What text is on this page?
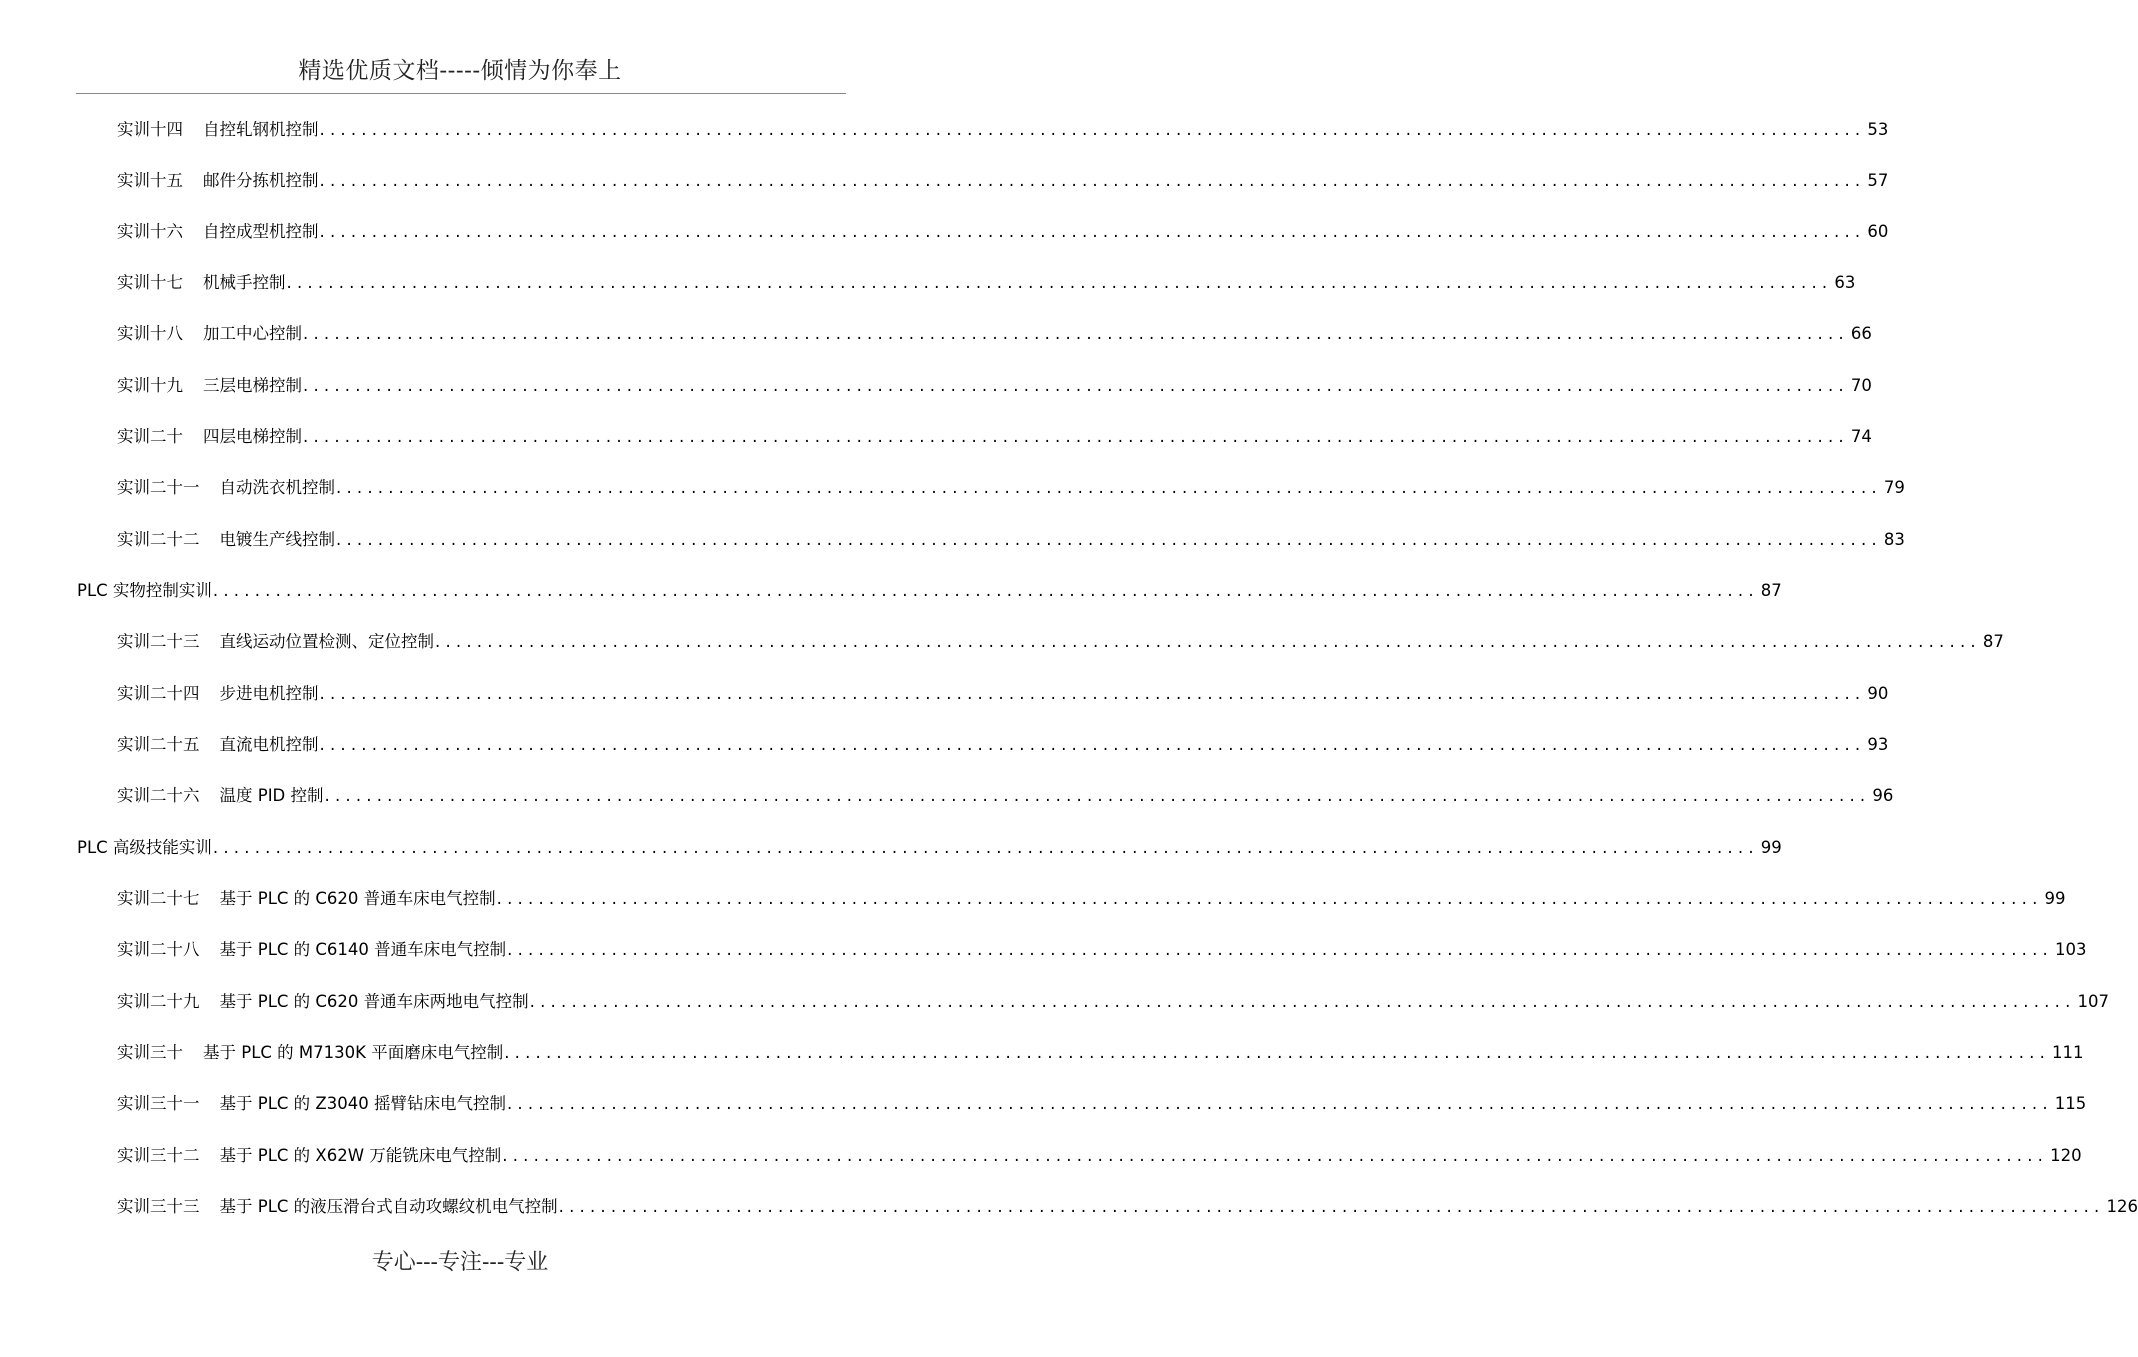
精选优质文档-----倾情为你奉上
实训十四 自控轧钢机控制 .................................................................................................................................................... 53
实训十五 邮件分拣机控制 .................................................................................................................................................... 57
实训十六 自控成型机控制 .................................................................................................................................................... 60
实训十七 机械手控制 .................................................................................................................................................... 63
实训十八 加工中心控制 .................................................................................................................................................... 66
实训十九 三层电梯控制 .................................................................................................................................................... 70
实训二十 四层电梯控制 .................................................................................................................................................... 74
实训二十一 自动洗衣机控制 .................................................................................................................................................... 79
实训二十二 电镀生产线控制 .................................................................................................................................................... 83
PLC 实物控制实训 .................................................................................................................................................... 87
实训二十三 直线运动位置检测、定位控制 .................................................................................................................................................... 87
实训二十四 步进电机控制 .................................................................................................................................................... 90
实训二十五 直流电机控制 .................................................................................................................................................... 93
实训二十六 温度 PID 控制 .................................................................................................................................................... 96
PLC 高级技能实训 .................................................................................................................................................... 99
实训二十七 基于 PLC 的 C620 普通车床电气控制 .................................................................................................................................................... 99
实训二十八 基于 PLC 的 C6140 普通车床电气控制 .................................................................................................................................................... 103
实训二十九 基于 PLC 的 C620 普通车床两地电气控制 .................................................................................................................................................... 107
实训三十 基于 PLC 的 M7130K 平面磨床电气控制 .................................................................................................................................................... 111
实训三十一 基于 PLC 的 Z3040 摇臂钻床电气控制 .................................................................................................................................................... 115
实训三十二 基于 PLC 的 X62W 万能铣床电气控制 .................................................................................................................................................... 120
实训三十三 基于 PLC 的液压滑台式自动攻螺纹机电气控制 .................................................................................................................................................... 126
专心---专注---专业
